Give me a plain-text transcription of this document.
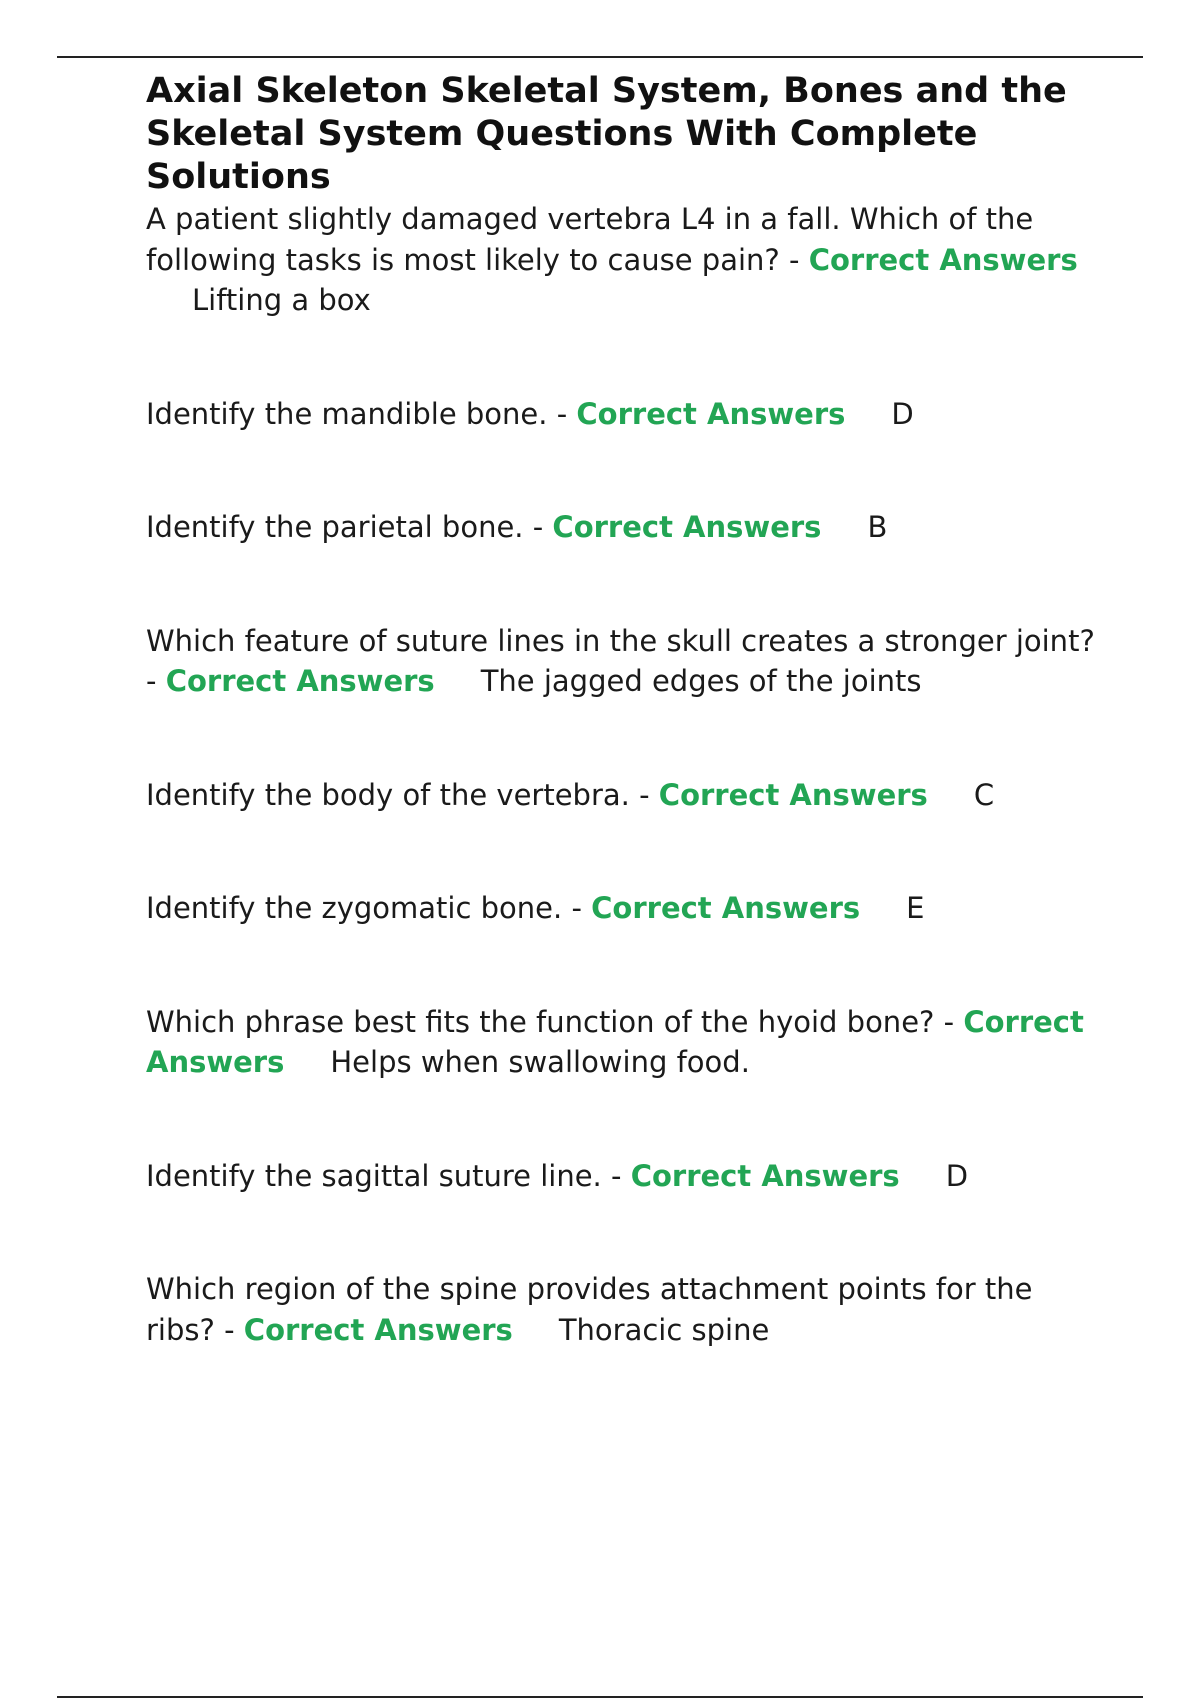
Axial Skeleton Skeletal System, Bones and the Skeletal System Questions With Complete Solutions
A patient slightly damaged vertebra L4 in a fall. Which of the following tasks is most likely to cause pain? - Correct AnswersLifting a box
Identify the mandible bone. - Correct Answers D
Identify the parietal bone. - Correct Answers B
Which feature of suture lines in the skull creates a stronger joint? - Correct Answers The jagged edges of the joints
Identify the body of the vertebra. - Correct Answers C
Identify the zygomatic bone. - Correct Answers E
Which phrase best fits the function of the hyoid bone? - Correct Answers Helps when swallowing food.
Identify the sagittal suture line. - Correct Answers D
Which region of the spine provides attachment points for the ribs? - Correct Answers Thoracic spine
